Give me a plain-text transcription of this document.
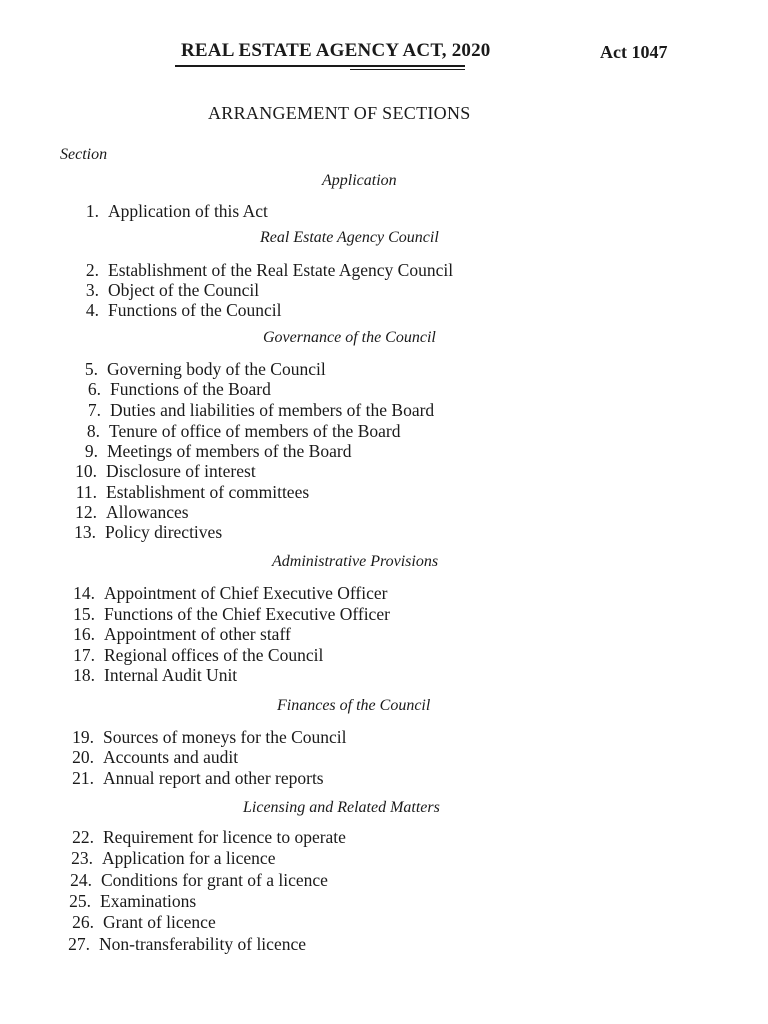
REAL ESTATE AGENCY ACT, 2020	Act 1047
ARRANGEMENT OF SECTIONS
Section
Application
1. Application of this Act
Real Estate Agency Council
2. Establishment of the Real Estate Agency Council
3. Object of the Council
4. Functions of the Council
Governance of the Council
5. Governing body of the Council
6. Functions of the Board
7. Duties and liabilities of members of the Board
8. Tenure of office of members of the Board
9. Meetings of members of the Board
10. Disclosure of interest
11. Establishment of committees
12. Allowances
13. Policy directives
Administrative Provisions
14. Appointment of Chief Executive Officer
15. Functions of the Chief Executive Officer
16. Appointment of other staff
17. Regional offices of the Council
18. Internal Audit Unit
Finances of the Council
19. Sources of moneys for the Council
20. Accounts and audit
21. Annual report and other reports
Licensing and Related Matters
22. Requirement for licence to operate
23. Application for a licence
24. Conditions for grant of a licence
25. Examinations
26. Grant of licence
27. Non-transferability of licence
